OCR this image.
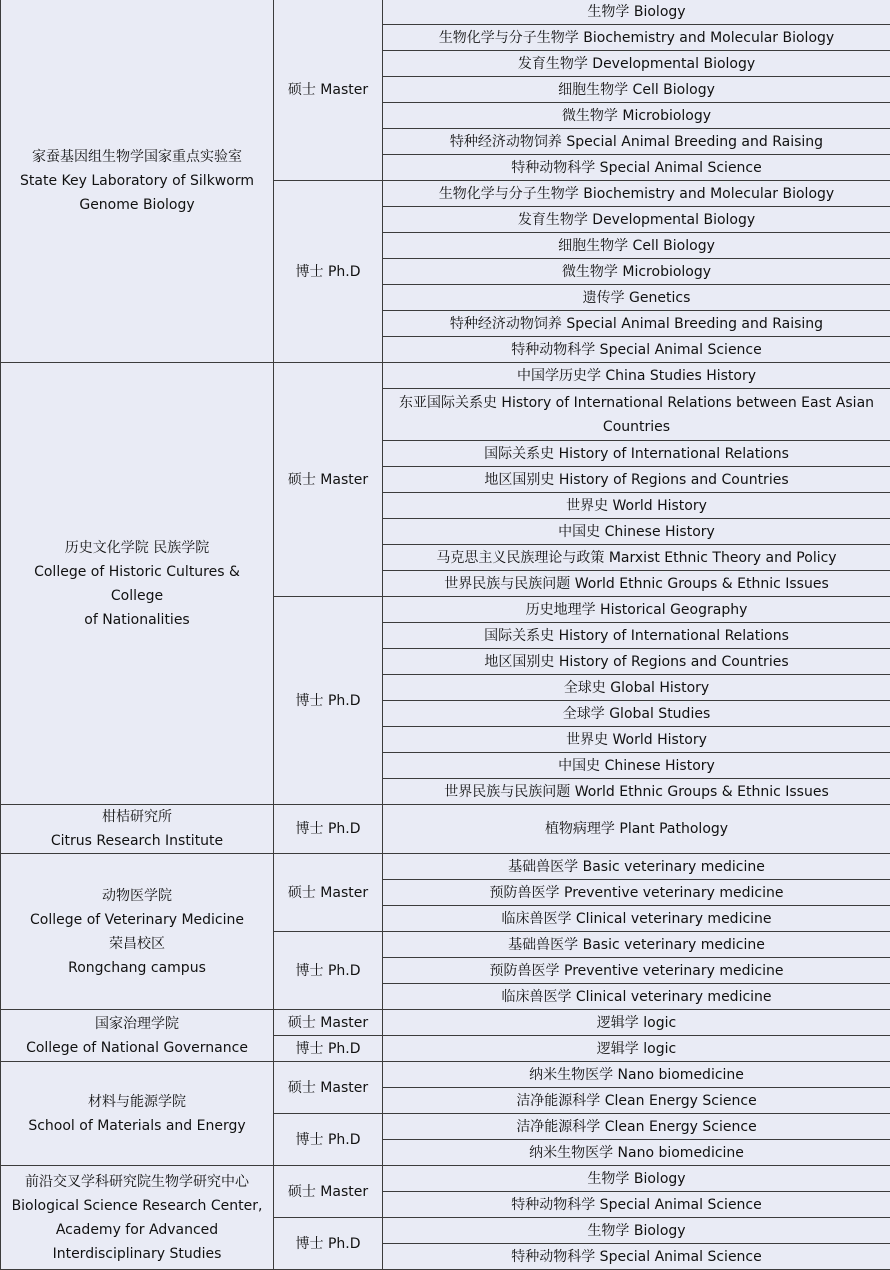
家蚕基因组生物学国家重点实验室
State Key Laboratory of Silkworm
Genome Biology	硕士 Master	生物学 Biology
		生物化学与分子生物学 Biochemistry and Molecular Biology
		发育生物学 Developmental Biology
		细胞生物学 Cell Biology
		微生物学 Microbiology
		特种经济动物饲养 Special Animal Breeding and Raising
		特种动物科学 Special Animal Science
	博士 Ph.D	生物化学与分子生物学 Biochemistry and Molecular Biology
		发育生物学 Developmental Biology
		细胞生物学 Cell Biology
		微生物学 Microbiology
		遗传学 Genetics
		特种经济动物饲养 Special Animal Breeding and Raising
		特种动物科学 Special Animal Science

历史文化学院 民族学院
College of Historic Cultures & College
of Nationalities	硕士 Master	中国学历史学 China Studies History
		东亚国际关系史 History of International Relations between East Asian Countries
		国际关系史 History of International Relations
		地区国别史 History of Regions and Countries
		世界史 World History
		中国史 Chinese History
		马克思主义民族理论与政策 Marxist Ethnic Theory and Policy
		世界民族与民族问题 World Ethnic Groups & Ethnic Issues
	博士 Ph.D	历史地理学 Historical Geography
		国际关系史 History of International Relations
		地区国别史 History of Regions and Countries
		全球史 Global History
		全球学 Global Studies
		世界史 World History
		中国史 Chinese History
		世界民族与民族问题 World Ethnic Groups & Ethnic Issues

柑桔研究所
Citrus Research Institute	博士 Ph.D	植物病理学 Plant Pathology

动物医学院
College of Veterinary Medicine
荣昌校区
Rongchang campus	硕士 Master	基础兽医学 Basic veterinary medicine
		预防兽医学 Preventive veterinary medicine
		临床兽医学 Clinical veterinary medicine
	博士 Ph.D	基础兽医学 Basic veterinary medicine
		预防兽医学 Preventive veterinary medicine
		临床兽医学 Clinical veterinary medicine

国家治理学院
College of National Governance	硕士 Master	逻辑学 logic
	博士 Ph.D	逻辑学 logic

材料与能源学院
School of Materials and Energy	硕士 Master	纳米生物医学 Nano biomedicine
		洁净能源科学 Clean Energy Science
	博士 Ph.D	洁净能源科学 Clean Energy Science
		纳米生物医学 Nano biomedicine

前沿交叉学科研究院生物学研究中心
Biological Science Research Center,
Academy for Advanced
Interdisciplinary Studies	硕士 Master	生物学 Biology
		特种动物科学 Special Animal Science
	博士 Ph.D	生物学 Biology
		特种动物科学 Special Animal Science
